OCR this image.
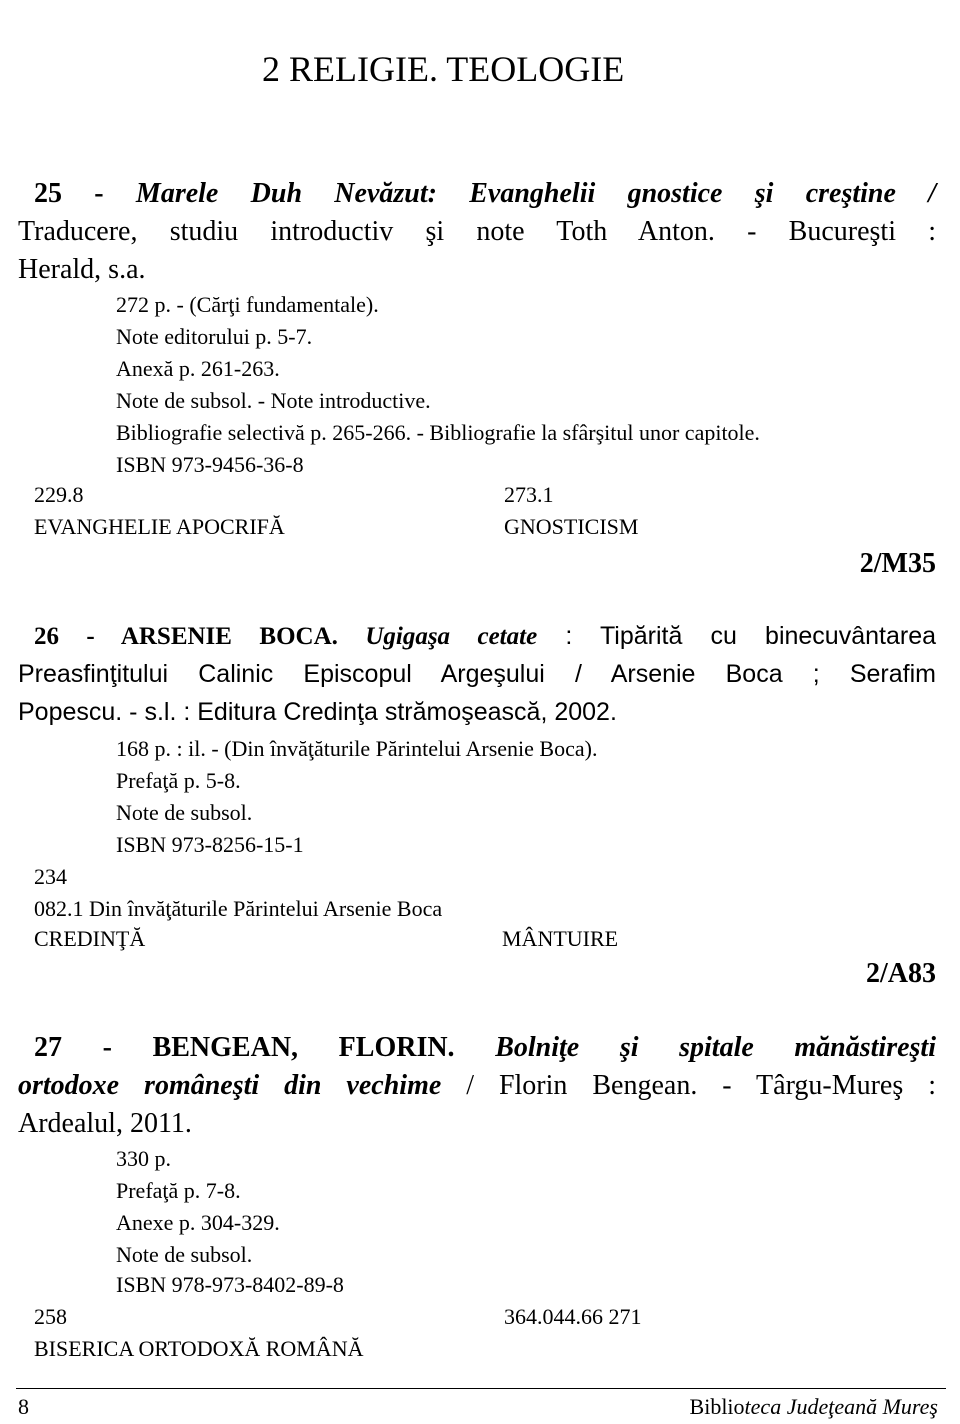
2 RELIGIE. TEOLOGIE
25 - Marele Duh Nevăzut: Evanghelii gnostice şi creştine /
Traducere, studiu introductiv şi note Toth Anton. - Bucureşti :
Herald, s.a.
272 p. - (Cărţi fundamentale).
Note editorului p. 5-7.
Anexă p. 261-263.
Note de subsol. - Note introductive.
Bibliografie selectivă p. 265-266. - Bibliografie la sfârşitul unor capitole.
ISBN 973-9456-36-8
229.8	273.1
EVANGHELIE APOCRIFĂ	GNOSTICISM
2/M35
26 - ARSENIE BOCA. Ugigaşa cetate : Tipărită cu binecuvântarea
Preasfinţitului Calinic Episcopul Argeşului / Arsenie Boca ; Serafim
Popescu. - s.l. : Editura Credinţa strămoşească, 2002.
168 p. : il. - (Din învăţăturile Părintelui Arsenie Boca).
Prefaţă p. 5-8.
Note de subsol.
ISBN 973-8256-15-1
234
082.1 Din învăţăturile Părintelui Arsenie Boca
CREDINŢĂ	MÂNTUIRE
2/A83
27 - BENGEAN, FLORIN. Bolniţe şi spitale mănăstireşti
ortodoxe româneşti din vechime / Florin Bengean. - Târgu-Mureş :
Ardealul, 2011.
330 p.
Prefaţă p. 7-8.
Anexe p. 304-329.
Note de subsol.
ISBN 978-973-8402-89-8
258	364.044.66 271
BISERICA ORTODOXĂ ROMÂNĂ
8	Biblioteca Judeţeană Mureş
